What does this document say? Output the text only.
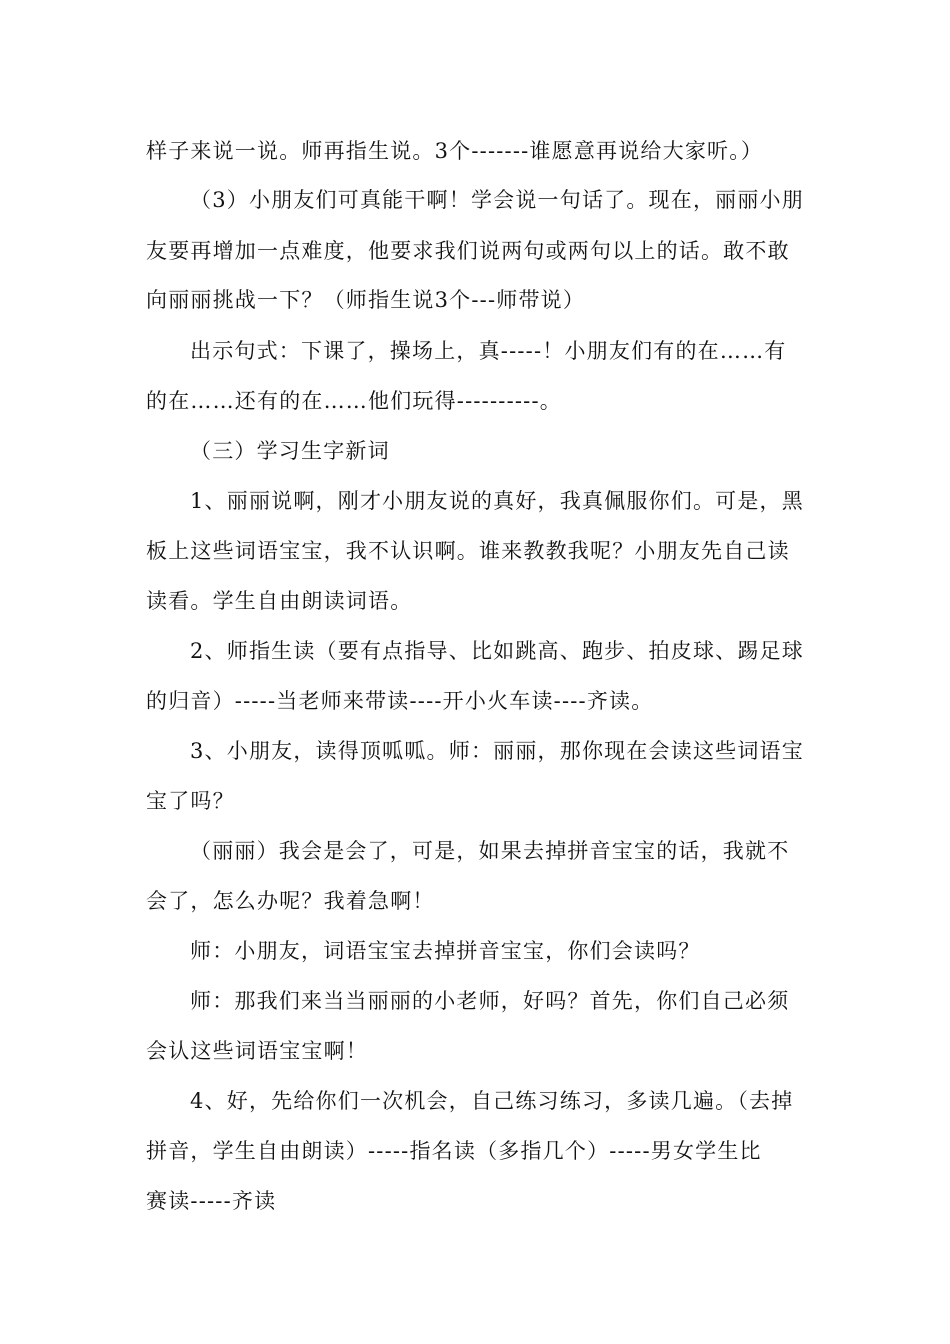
样子来说一说。师再指生说。3个-------谁愿意再说给大家听。）
（3）小朋友们可真能干啊！学会说一句话了。现在，丽丽小朋
友要再增加一点难度，他要求我们说两句或两句以上的话。敢不敢
向丽丽挑战一下？（师指生说3个---师带说）
出示句式：下课了，操场上，真-----！小朋友们有的在……有
的在……还有的在……他们玩得----------。
（三）学习生字新词
1、丽丽说啊，刚才小朋友说的真好，我真佩服你们。可是，黑
板上这些词语宝宝，我不认识啊。谁来教教我呢？小朋友先自己读
读看。学生自由朗读词语。
2、师指生读（要有点指导、比如跳高、跑步、拍皮球、踢足球
的归音）-----当老师来带读----开小火车读----齐读。
3、小朋友，读得顶呱呱。师：丽丽，那你现在会读这些词语宝
宝了吗？
（丽丽）我会是会了，可是，如果去掉拼音宝宝的话，我就不
会了，怎么办呢？我着急啊！
师：小朋友，词语宝宝去掉拼音宝宝，你们会读吗？
师：那我们来当当丽丽的小老师，好吗？首先，你们自己必须
会认这些词语宝宝啊！
4、好，先给你们一次机会，自己练习练习，多读几遍。（去掉
拼音，学生自由朗读）-----指名读（多指几个）-----男女学生比
赛读-----齐读
